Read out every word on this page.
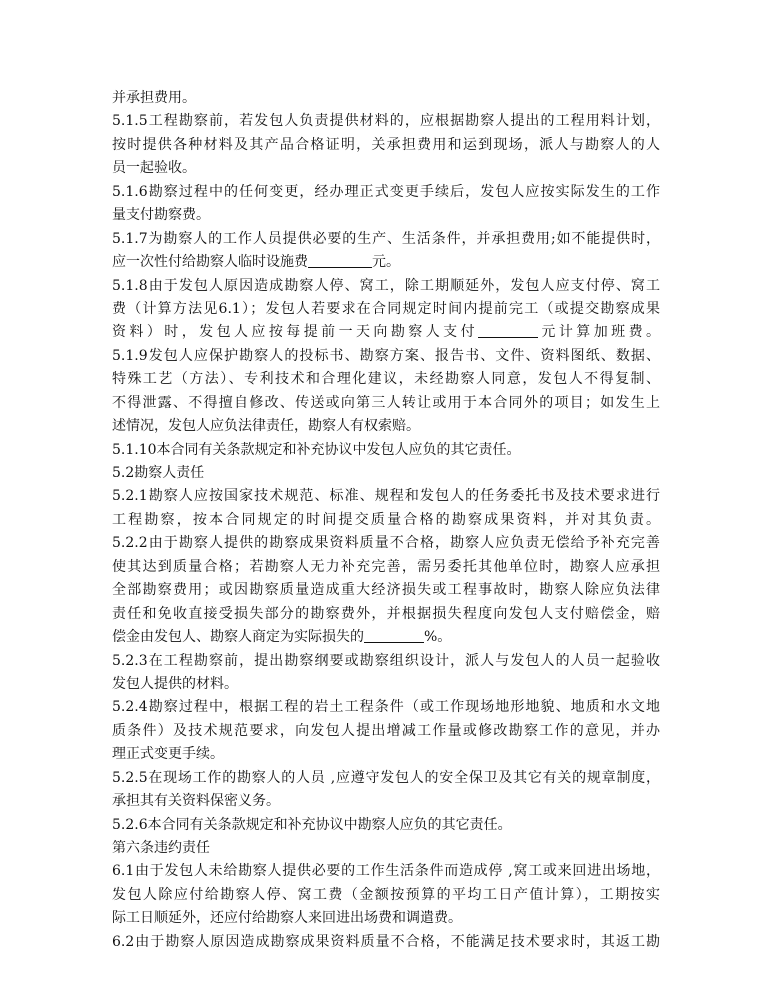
并承担费用。
5.1.5工程勘察前，若发包人负责提供材料的，应根据勘察人提出的工程用料计划，
按时提供各种材料及其产品合格证明，关承担费用和运到现场，派人与勘察人的人
员一起验收。
5.1.6勘察过程中的任何变更，经办理正式变更手续后，发包人应按实际发生的工作
量支付勘察费。
5.1.7为勘察人的工作人员提供必要的生产、生活条件，并承担费用;如不能提供时，
应一次性付给勘察人临时设施费	元。
5.1.8由于发包人原因造成勘察人停、窝工，除工期顺延外，发包人应支付停、窝工
费（计算方法见6.1）；发包人若要求在合同规定时间内提前完工（或提交勘察成果
资料）时，发包人应按每提前一天向勘察人支付	元计算加班费。
5.1.9发包人应保护勘察人的投标书、勘察方案、报告书、文件、资料图纸、数据、
特殊工艺（方法）、专利技术和合理化建议，未经勘察人同意，发包人不得复制、
不得泄露、不得擅自修改、传送或向第三人转让或用于本合同外的项目；如发生上
述情况，发包人应负法律责任，勘察人有权索赔。
5.1.10本合同有关条款规定和补充协议中发包人应负的其它责任。
5.2勘察人责任
5.2.1勘察人应按国家技术规范、标准、规程和发包人的任务委托书及技术要求进行
工程勘察，按本合同规定的时间提交质量合格的勘察成果资料，并对其负责。
5.2.2由于勘察人提供的勘察成果资料质量不合格，勘察人应负责无偿给予补充完善
使其达到质量合格；若勘察人无力补充完善，需另委托其他单位时，勘察人应承担
全部勘察费用；或因勘察质量造成重大经济损失或工程事故时，勘察人除应负法律
责任和免收直接受损失部分的勘察费外，并根据损失程度向发包人支付赔偿金，赔
偿金由发包人、勘察人商定为实际损失的	%。
5.2.3在工程勘察前，提出勘察纲要或勘察组织设计，派人与发包人的人员一起验收
发包人提供的材料。
5.2.4勘察过程中，根据工程的岩土工程条件（或工作现场地形地貌、地质和水文地
质条件）及技术规范要求，向发包人提出增减工作量或修改勘察工作的意见，并办
理正式变更手续。
5.2.5在现场工作的勘察人的人员 ,应遵守发包人的安全保卫及其它有关的规章制度，
承担其有关资料保密义务。
5.2.6本合同有关条款规定和补充协议中勘察人应负的其它责任。
第六条违约责任
6.1由于发包人未给勘察人提供必要的工作生活条件而造成停 ,窝工或来回进出场地，
发包人除应付给勘察人停、窝工费（金额按预算的平均工日产值计算），工期按实
际工日顺延外，还应付给勘察人来回进出场费和调遣费。
6.2由于勘察人原因造成勘察成果资料质量不合格，不能满足技术要求时，其返工勘
